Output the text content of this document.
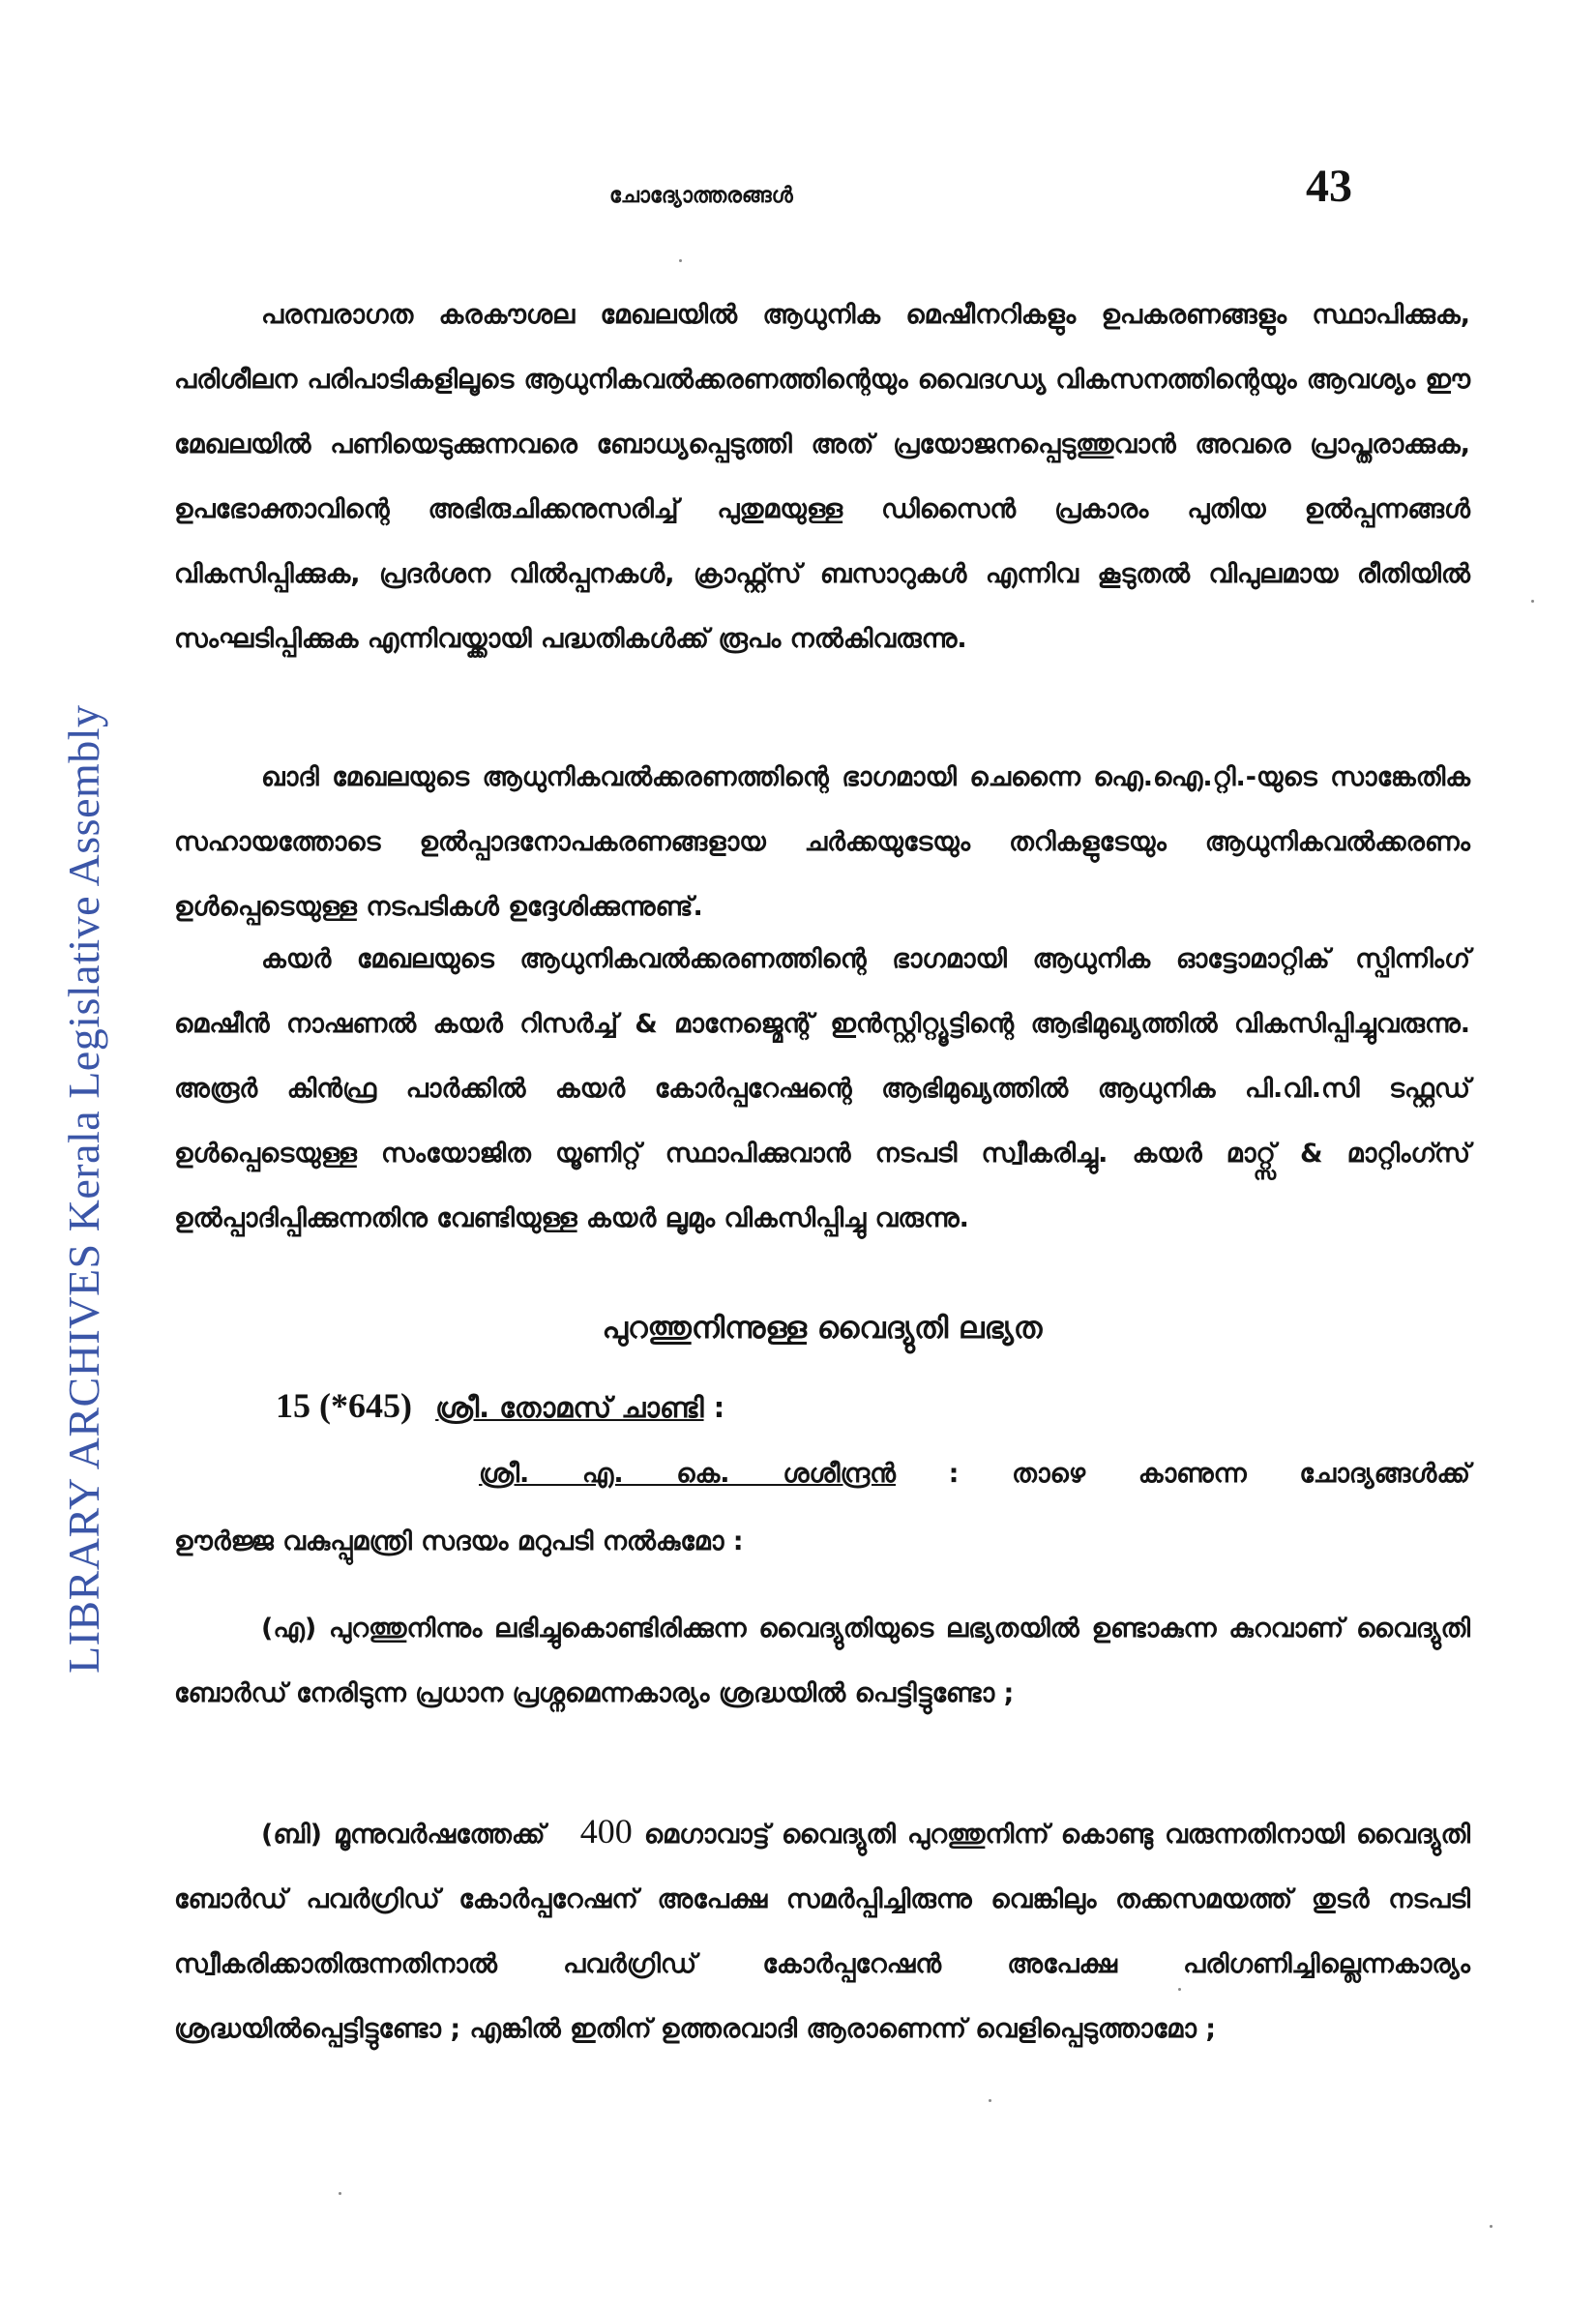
LIBRARY ARCHIVES Kerala Legislative Assembly
ചോദ്യോത്തരങ്ങൾ	43

പരമ്പരാഗത കരകൗശല മേഖലയിൽ ആധുനിക മെഷീനറികളും ഉപകരണങ്ങളും സ്ഥാപിക്കുക, പരിശീലന പരിപാടികളിലൂടെ ആധുനികവൽക്കരണത്തിന്റെയും വൈദഗ്ധ്യ വികസനത്തിന്റെയും ആവശ്യം ഈ മേഖലയിൽ പണിയെടുക്കുന്നവരെ ബോധ്യപ്പെടുത്തി അത് പ്രയോജനപ്പെടുത്തുവാൻ അവരെ പ്രാപ്തരാക്കുക, ഉപഭോക്താവിന്റെ അഭിരുചിക്കനുസരിച്ച് പുതുമയുള്ള ഡിസൈൻ പ്രകാരം പുതിയ ഉൽപ്പന്നങ്ങൾ വികസിപ്പിക്കുക, പ്രദർശന വിൽപ്പനകൾ, ക്രാഫ്റ്റ്സ് ബസാറുകൾ എന്നിവ കൂടുതൽ വിപുലമായ രീതിയിൽ സംഘടിപ്പിക്കുക എന്നിവയ്ക്കായി പദ്ധതികൾക്ക് രൂപം നൽകിവരുന്നു.

ഖാദി മേഖലയുടെ ആധുനികവൽക്കരണത്തിന്റെ ഭാഗമായി ചെന്നൈ ഐ.ഐ.റ്റി.-യുടെ സാങ്കേതിക സഹായത്തോടെ ഉൽപ്പാദനോപകരണങ്ങളായ ചർക്കയുടേയും തറികളുടേയും ആധുനികവൽക്കരണം ഉൾപ്പെടെയുള്ള നടപടികൾ ഉദ്ദേശിക്കുന്നുണ്ട്.

കയർ മേഖലയുടെ ആധുനികവൽക്കരണത്തിന്റെ ഭാഗമായി ആധുനിക ഓട്ടോമാറ്റിക് സ്പിന്നിംഗ് മെഷീൻ നാഷണൽ കയർ റിസർച്ച് & മാനേജ്മെന്റ് ഇൻസ്റ്റിറ്റ്യൂട്ടിന്റെ ആഭിമുഖ്യത്തിൽ വികസിപ്പിച്ചുവരുന്നു. അരൂർ കിൻഫ്ര പാർക്കിൽ കയർ കോർപ്പറേഷന്റെ ആഭിമുഖ്യത്തിൽ ആധുനിക പി.വി.സി ടഫ്റ്റഡ് ഉൾപ്പെടെയുള്ള സംയോജിത യൂണിറ്റ് സ്ഥാപിക്കുവാൻ നടപടി സ്വീകരിച്ചു. കയർ മാറ്റ്സ് & മാറ്റിംഗ്സ് ഉൽപ്പാദിപ്പിക്കുന്നതിനു വേണ്ടിയുള്ള കയർ ലൂമും വികസിപ്പിച്ചു വരുന്നു.

പുറത്തുനിന്നുള്ള വൈദ്യുതി ലഭ്യത
15 (*645) ശ്രീ. തോമസ് ചാണ്ടി :
ശ്രീ. എ. കെ. ശശീന്ദ്രൻ : താഴെ കാണുന്ന ചോദ്യങ്ങൾക്ക്
ഊർജ്ജ വകുപ്പുമന്ത്രി സദയം മറുപടി നൽകുമോ :

(എ) പുറത്തുനിന്നും ലഭിച്ചുകൊണ്ടിരിക്കുന്ന വൈദ്യുതിയുടെ ലഭ്യതയിൽ ഉണ്ടാകുന്ന കുറവാണ് വൈദ്യുതി ബോർഡ് നേരിടുന്ന പ്രധാന പ്രശ്നമെന്നകാര്യം ശ്രദ്ധയിൽ പെട്ടിട്ടുണ്ടോ ;

(ബി) മൂന്നുവർഷത്തേക്ക് 400 മെഗാവാട്ട് വൈദ്യുതി പുറത്തുനിന്ന് കൊണ്ടു വരുന്നതിനായി വൈദ്യുതി ബോർഡ് പവർഗ്രിഡ് കോർപ്പറേഷന് അപേക്ഷ സമർപ്പിച്ചിരുന്നു വെങ്കിലും തക്കസമയത്ത് തുടർ നടപടി സ്വീകരിക്കാതിരുന്നതിനാൽ പവർഗ്രിഡ് കോർപ്പറേഷൻ അപേക്ഷ പരിഗണിച്ചില്ലെന്നകാര്യം ശ്രദ്ധയിൽപ്പെട്ടിട്ടുണ്ടോ ; എങ്കിൽ ഇതിന് ഉത്തരവാദി ആരാണെന്ന് വെളിപ്പെടുത്താമോ ;
